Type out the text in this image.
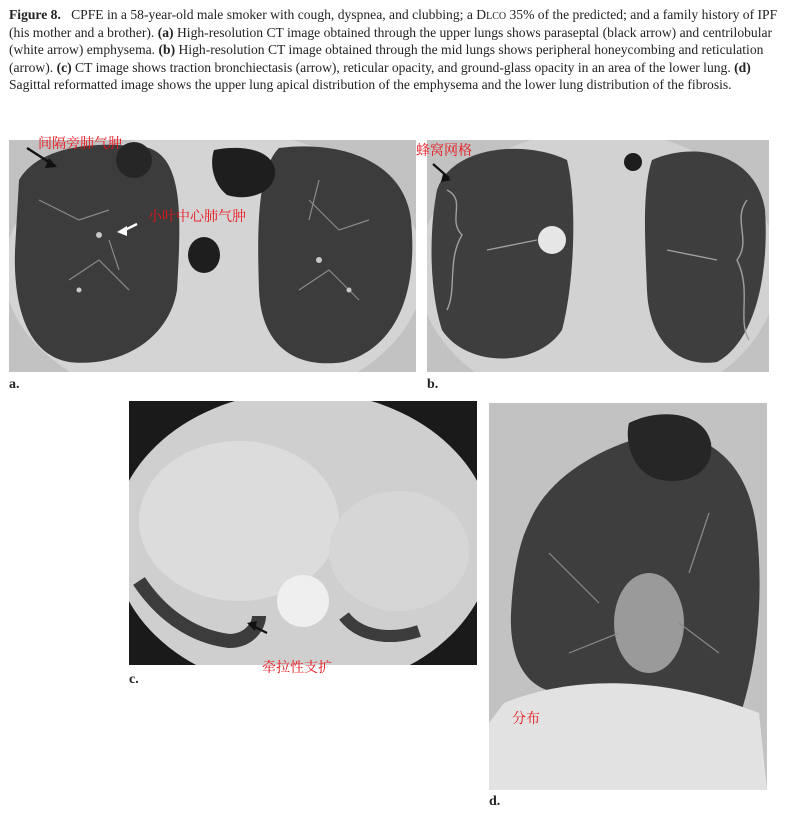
Figure 8. CPFE in a 58-year-old male smoker with cough, dyspnea, and clubbing; a Dlco 35% of the predicted; and a family history of IPF (his mother and a brother). (a) High-resolution CT image obtained through the upper lungs shows paraseptal (black arrow) and centrilobular (white arrow) emphysema. (b) High-resolution CT image obtained through the mid lungs shows peripheral honeycombing and reticulation (arrow). (c) CT image shows traction bronchiectasis (arrow), reticular opacity, and ground-glass opacity in an area of the lower lung. (d) Sagittal reformatted image shows the upper lung apical distribution of the emphysema and the lower lung distribution of the fibrosis.
间隔旁肺气肿
小叶中心肺气肿
a.
蜂窝网格
b.
牵拉性支扩
c.
分布
d.
